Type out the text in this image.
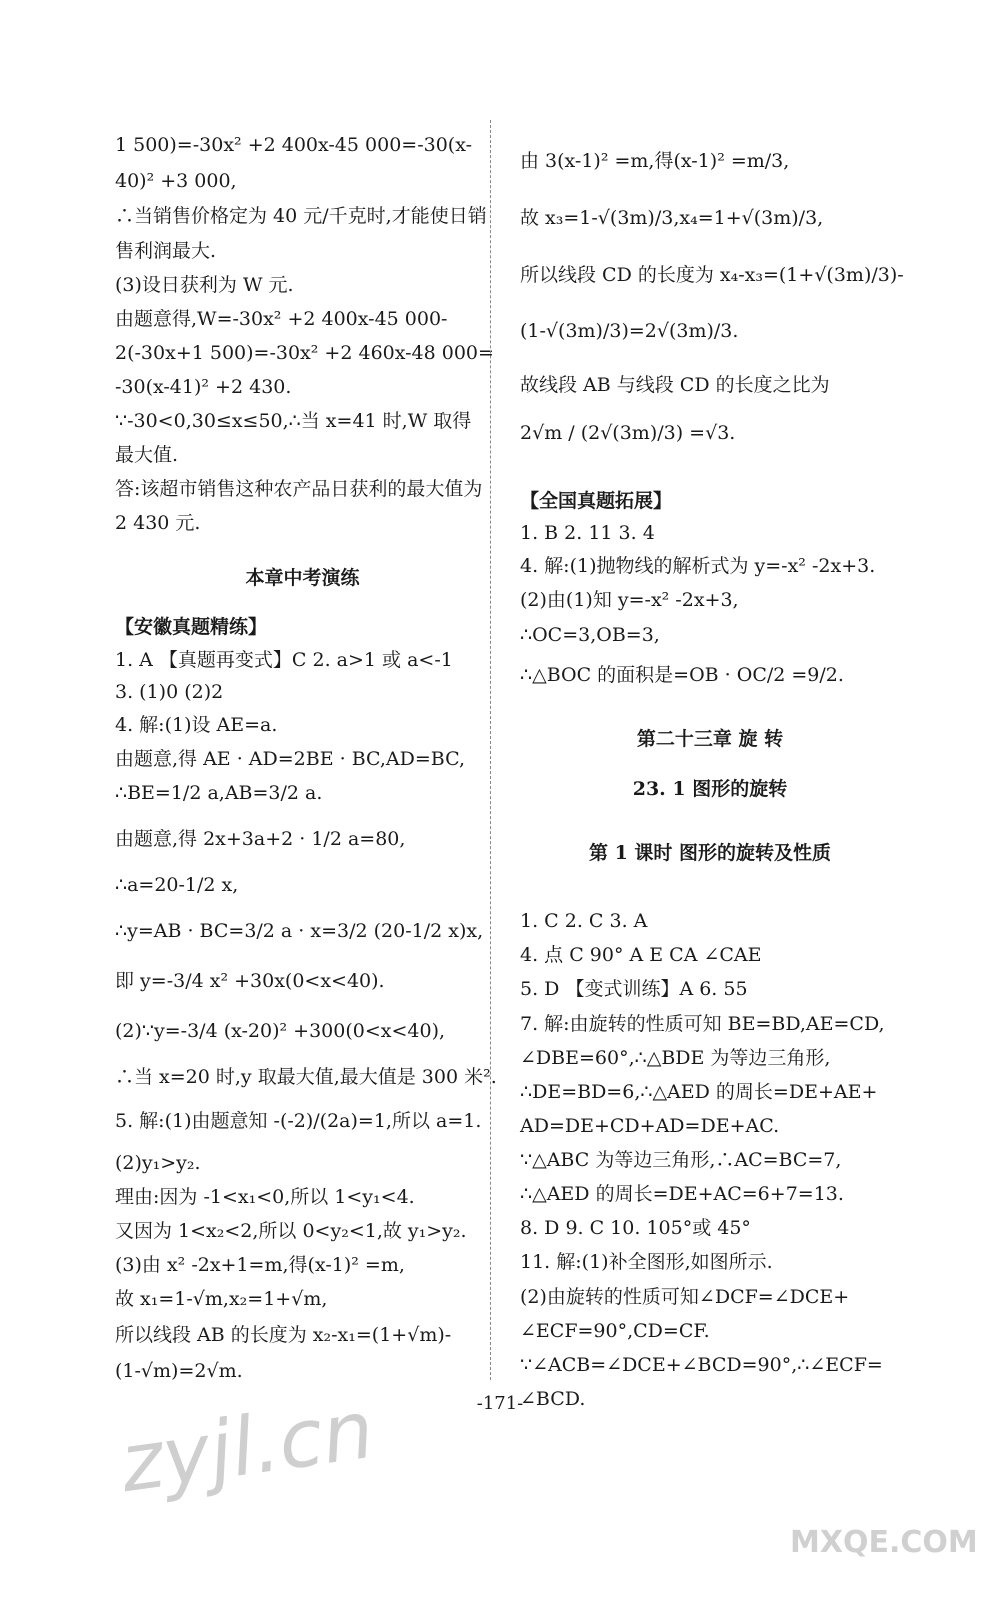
1 500)=-30x² +2 400x-45 000=-30(x-
40)² +3 000,
∴当销售价格定为 40 元/千克时,才能使日销
售利润最大.
(3)设日获利为 W 元.
由题意得,W=-30x² +2 400x-45 000-
2(-30x+1 500)=-30x² +2 460x-48 000=
-30(x-41)² +2 430.
∵-30<0,30≤x≤50,∴当 x=41 时,W 取得
最大值.
答:该超市销售这种农产品日获利的最大值为
2 430 元.
本章中考演练
【安徽真题精练】
1. A 【真题再变式】C 2. a>1 或 a<-1
3. (1)0 (2)2
4. 解:(1)设 AE=a.
由题意,得 AE · AD=2BE · BC,AD=BC,
∴BE=1/2 a,AB=3/2 a.
由题意,得 2x+3a+2 · 1/2 a=80,
∴a=20-1/2 x,
∴y=AB · BC=3/2 a · x=3/2 (20-1/2 x)x,
即 y=-3/4 x² +30x(0<x<40).
(2)∵y=-3/4 (x-20)² +300(0<x<40),
∴当 x=20 时,y 取最大值,最大值是 300 米².
5. 解:(1)由题意知 -(-2)/(2a)=1,所以 a=1.
(2)y₁>y₂.
理由:因为 -1<x₁<0,所以 1<y₁<4.
又因为 1<x₂<2,所以 0<y₂<1,故 y₁>y₂.
(3)由 x² -2x+1=m,得(x-1)² =m,
故 x₁=1-√m,x₂=1+√m,
所以线段 AB 的长度为 x₂-x₁=(1+√m)-
(1-√m)=2√m.
由 3(x-1)² =m,得(x-1)² =m/3,
故 x₃=1-√(3m)/3,x₄=1+√(3m)/3,
所以线段 CD 的长度为 x₄-x₃=(1+√(3m)/3)-
(1-√(3m)/3)=2√(3m)/3.
故线段 AB 与线段 CD 的长度之比为
2√m / (2√(3m)/3) =√3.
【全国真题拓展】
1. B 2. 11 3. 4
4. 解:(1)抛物线的解析式为 y=-x² -2x+3.
(2)由(1)知 y=-x² -2x+3,
∴OC=3,OB=3,
∴△BOC 的面积是=OB · OC/2 =9/2.
第二十三章 旋 转
23. 1 图形的旋转
第 1 课时 图形的旋转及性质
1. C 2. C 3. A
4. 点 C 90° A E CA ∠CAE
5. D 【变式训练】A 6. 55
7. 解:由旋转的性质可知 BE=BD,AE=CD,
∠DBE=60°,∴△BDE 为等边三角形,
∴DE=BD=6,∴△AED 的周长=DE+AE+
AD=DE+CD+AD=DE+AC.
∵△ABC 为等边三角形,∴AC=BC=7,
∴△AED 的周长=DE+AC=6+7=13.
8. D 9. C 10. 105°或 45°
11. 解:(1)补全图形,如图所示.
(2)由旋转的性质可知∠DCF=∠DCE+
∠ECF=90°,CD=CF.
∵∠ACB=∠DCE+∠BCD=90°,∴∠ECF=
∠BCD.
-171-
zyjl.cn
MXQE.COM
